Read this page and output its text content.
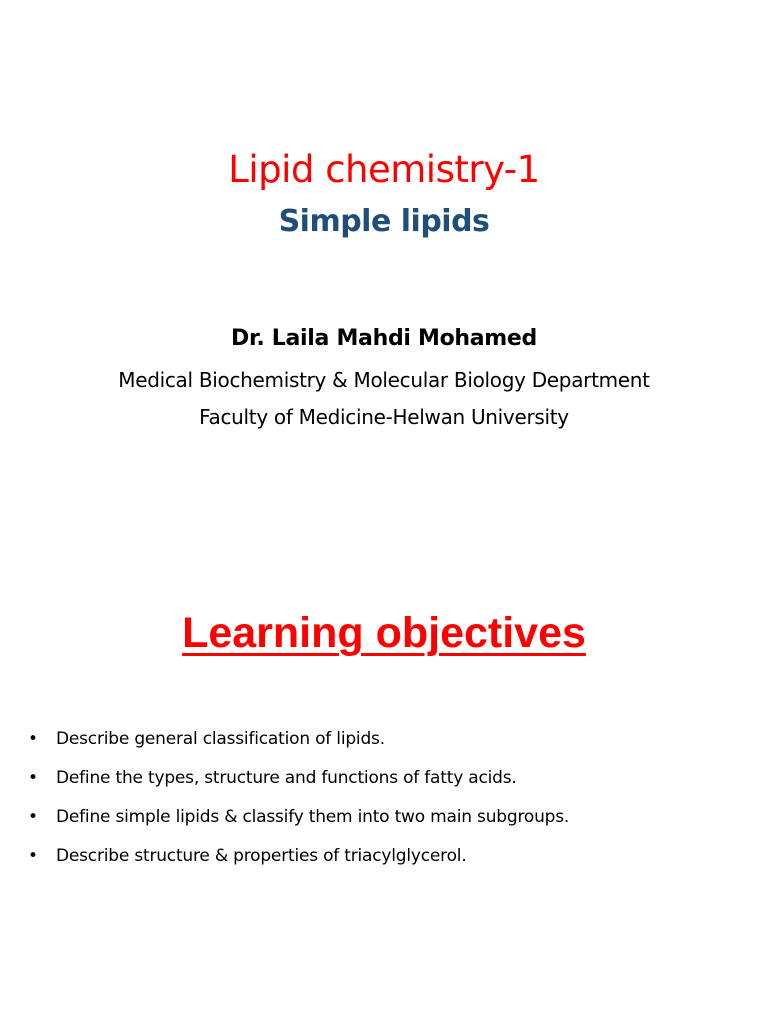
Lipid chemistry-1
Simple lipids
Dr. Laila Mahdi Mohamed
Medical Biochemistry & Molecular Biology Department
Faculty of Medicine-Helwan University
Learning objectives
•	Describe general classification of lipids.
•	Define the types, structure and functions of fatty acids.
•	Define simple lipids & classify them into two main subgroups.
•	Describe structure & properties of triacylglycerol.
